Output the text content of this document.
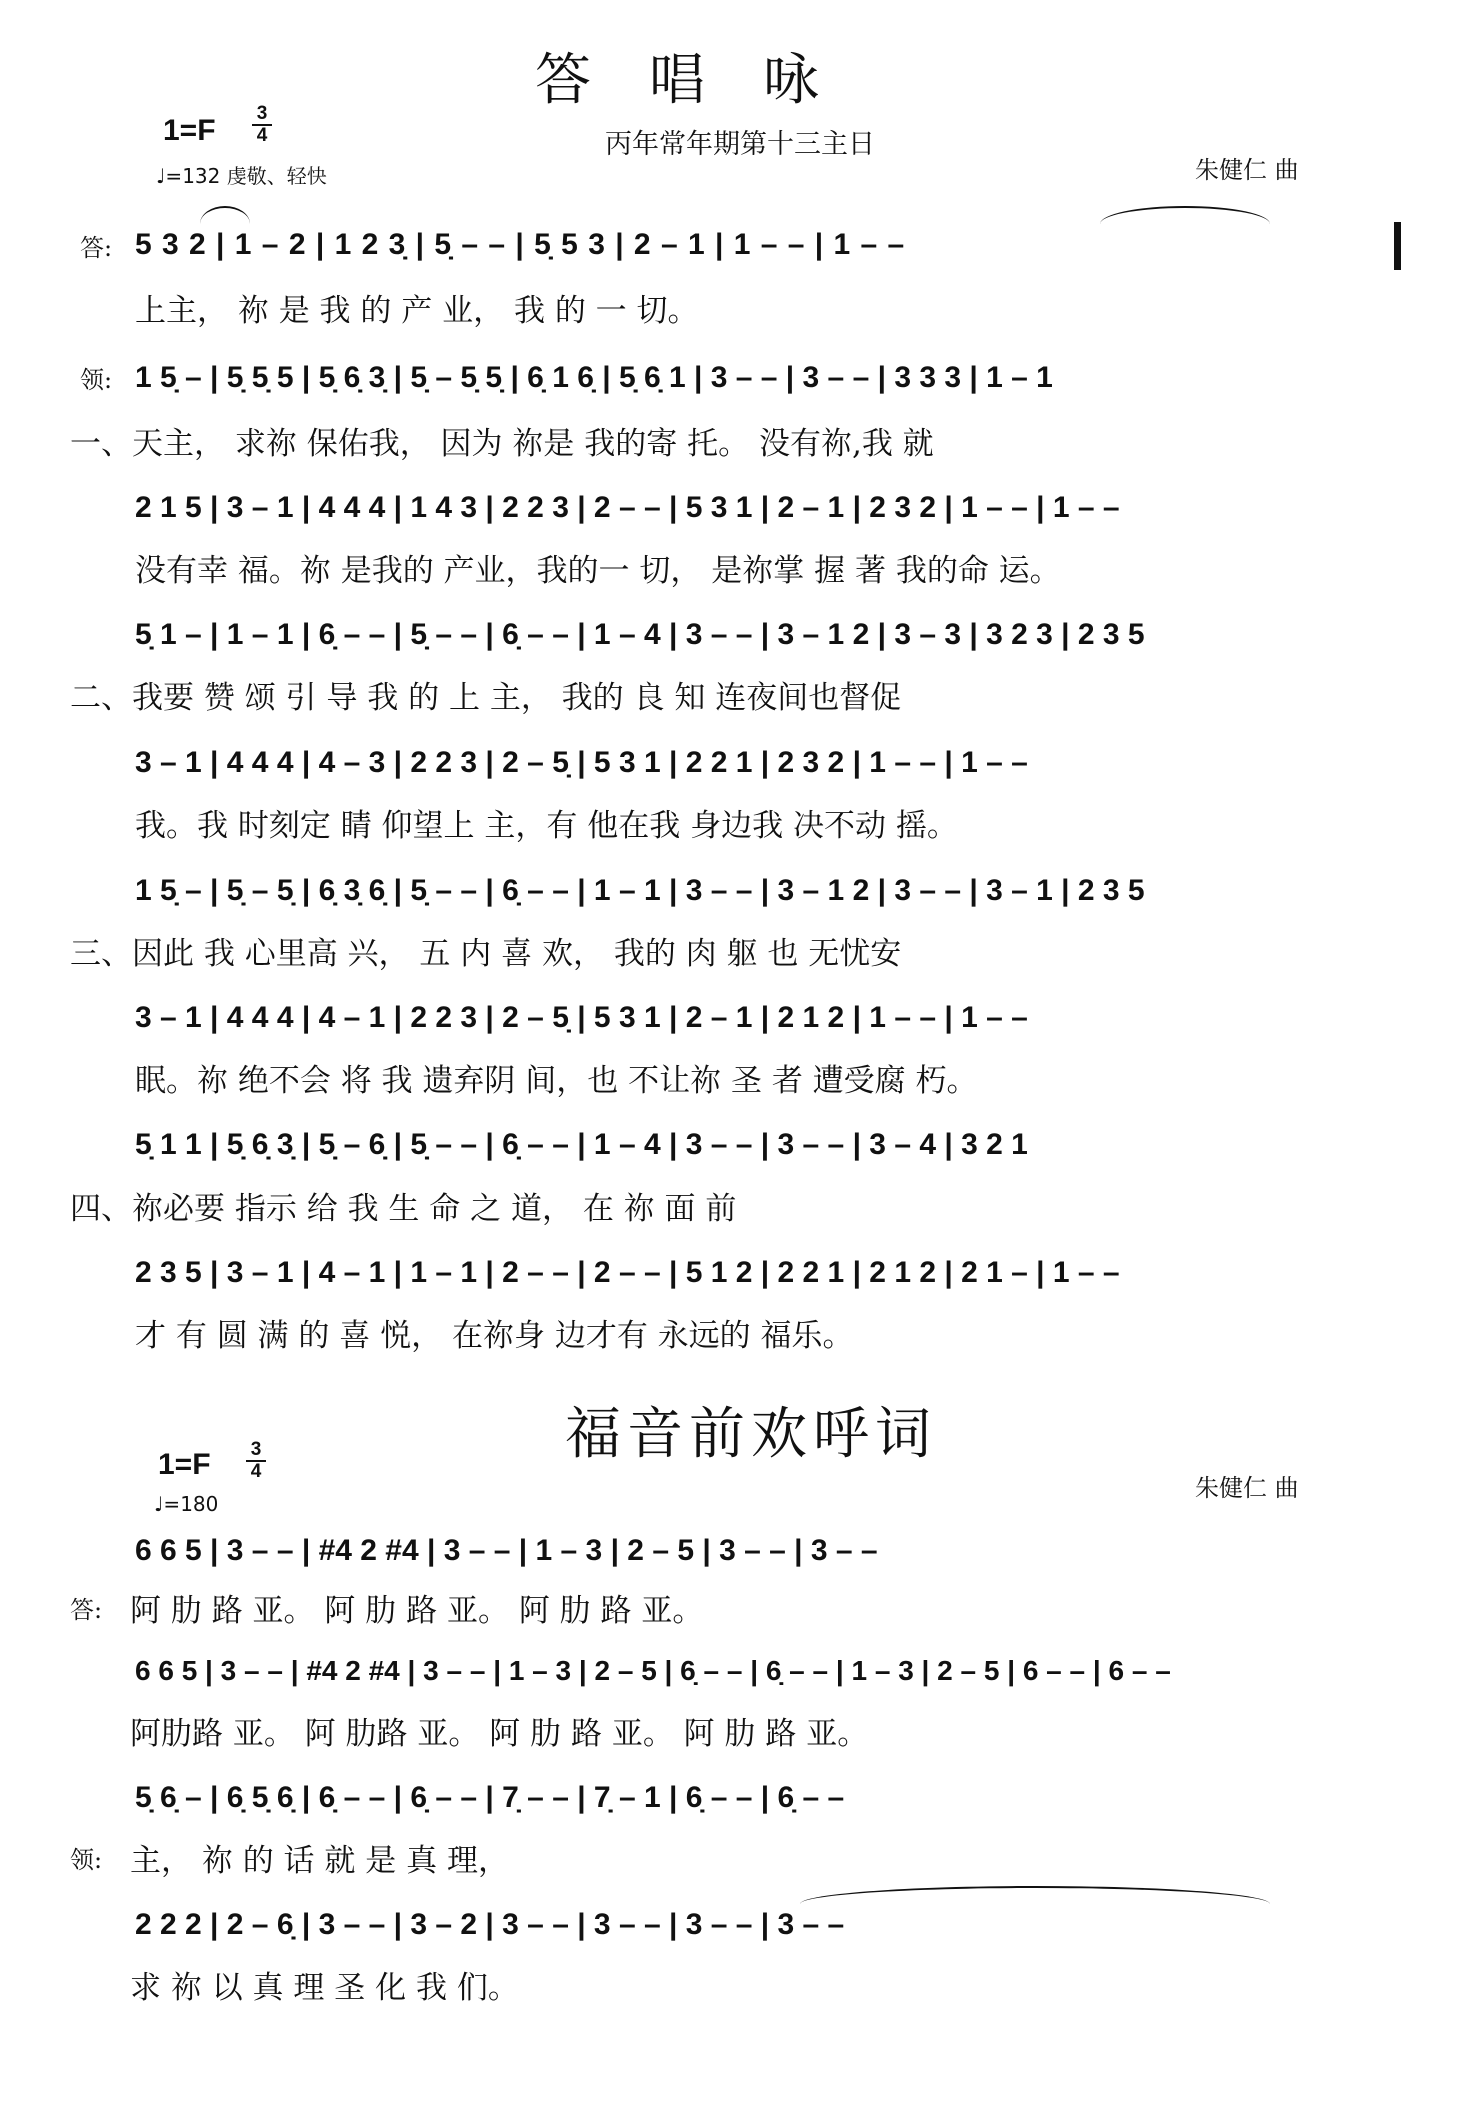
答唱咏
丙年常年期第十三主日
朱健仁 曲
1=F
3
4
♩=132 虔敬、轻快
答:
领:
5 3 2 | 1 – 2 | 1 2 3̣ | 5̣ – – | 5̣ 5 3 | 2 – 1 | 1 – – | 1 – –
上主， 祢 是 我 的 产 业， 我 的 一 切。
1 5̣ – | 5̣ 5̣ 5 | 5̣ 6̣ 3̣ | 5̣ – 5̣ 5̣ | 6̣ 1 6̣ | 5̣ 6̣ 1 | 3 – – | 3 – – | 3 3 3 | 1 – 1
一、天主， 求祢 保佑我， 因为 祢是 我的寄 托。 没有祢,我 就
2 1 5 | 3 – 1 | 4 4 4 | 1 4 3 | 2 2 3 | 2 – – | 5 3 1 | 2 – 1 | 2 3 2 | 1 – – | 1 – –
没有幸 福。祢 是我的 产业，我的一 切， 是祢掌 握 著 我的命 运。
5̣ 1 – | 1 – 1 | 6̣ – – | 5̣ – – | 6̣ – – | 1 – 4 | 3 – – | 3 – 1 2 | 3 – 3 | 3 2 3 | 2 3 5
二、我要 赞 颂 引 导 我 的 上 主， 我的 良 知 连夜间也督促
3 – 1 | 4 4 4 | 4 – 3 | 2 2 3 | 2 – 5̣ | 5 3 1 | 2 2 1 | 2 3 2 | 1 – – | 1 – –
我。我 时刻定 睛 仰望上 主，有 他在我 身边我 决不动 摇。
1 5̣ – | 5̣ – 5̣ | 6̣ 3̣ 6̣ | 5̣ – – | 6̣ – – | 1 – 1 | 3 – – | 3 – 1 2 | 3 – – | 3 – 1 | 2 3 5
三、因此 我 心里高 兴， 五 内 喜 欢， 我的 肉 躯 也 无忧安
3 – 1 | 4 4 4 | 4 – 1 | 2 2 3 | 2 – 5̣ | 5 3 1 | 2 – 1 | 2 1 2 | 1 – – | 1 – –
眠。祢 绝不会 将 我 遗弃阴 间，也 不让祢 圣 者 遭受腐 朽。
5̣ 1 1 | 5̣ 6̣ 3̣ | 5̣ – 6̣ | 5̣ – – | 6̣ – – | 1 – 4 | 3 – – | 3 – – | 3 – 4 | 3 2 1
四、祢必要 指示 给 我 生 命 之 道， 在 祢 面 前
2 3 5 | 3 – 1 | 4 – 1 | 1 – 1 | 2 – – | 2 – – | 5 1 2 | 2 2 1 | 2 1 2 | 2 1 – | 1 – –
才 有 圆 满 的 喜 悦， 在祢身 边才有 永远的 福乐。
福音前欢呼词
朱健仁 曲
1=F 3
4
♩=180
6 6 5 | 3 – – | #4 2 #4 | 3 – – | 1 – 3 | 2 – 5 | 3 – – | 3 – –
答: 阿 肋 路 亚。 阿 肋 路 亚。 阿 肋 路 亚。
6 6 5 | 3 – – | #4 2 #4 | 3 – – | 1 – 3 | 2 – 5 | 6̣ – – | 6̣ – – | 1 – 3 | 2 – 5 | 6 – – | 6 – –
阿肋路 亚。 阿 肋路 亚。 阿 肋 路 亚。 阿 肋 路 亚。
5̣ 6̣ – | 6̣ 5̣ 6̣ | 6̣ – – | 6̣ – – | 7̣ – – | 7̣ – 1 | 6̣ – – | 6̣ – –
领: 主， 祢 的 话 就 是 真 理，
2 2 2 | 2 – 6̣ | 3 – – | 3 – 2 | 3 – – | 3 – – | 3 – – | 3 – –
求 祢 以 真 理 圣 化 我 们。
